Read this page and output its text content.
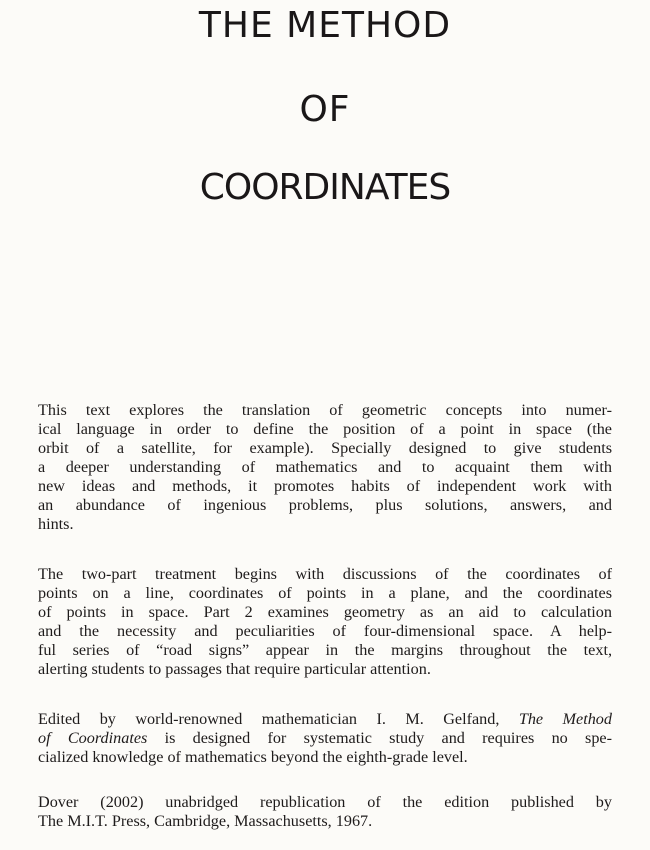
THE METHOD
OF
COORDINATES
This text explores the translation of geometric concepts into numer-
ical language in order to define the position of a point in space (the
orbit of a satellite, for example). Specially designed to give students
a deeper understanding of mathematics and to acquaint them with
new ideas and methods, it promotes habits of independent work with
an abundance of ingenious problems, plus solutions, answers, and
hints.
The two-part treatment begins with discussions of the coordinates of
points on a line, coordinates of points in a plane, and the coordinates
of points in space. Part 2 examines geometry as an aid to calculation
and the necessity and peculiarities of four-dimensional space. A help-
ful series of “road signs” appear in the margins throughout the text,
alerting students to passages that require particular attention.
Edited by world-renowned mathematician I. M. Gelfand, The Method
of Coordinates is designed for systematic study and requires no spe-
cialized knowledge of mathematics beyond the eighth-grade level.
Dover (2002) unabridged republication of the edition published by
The M.I.T. Press, Cambridge, Massachusetts, 1967.
